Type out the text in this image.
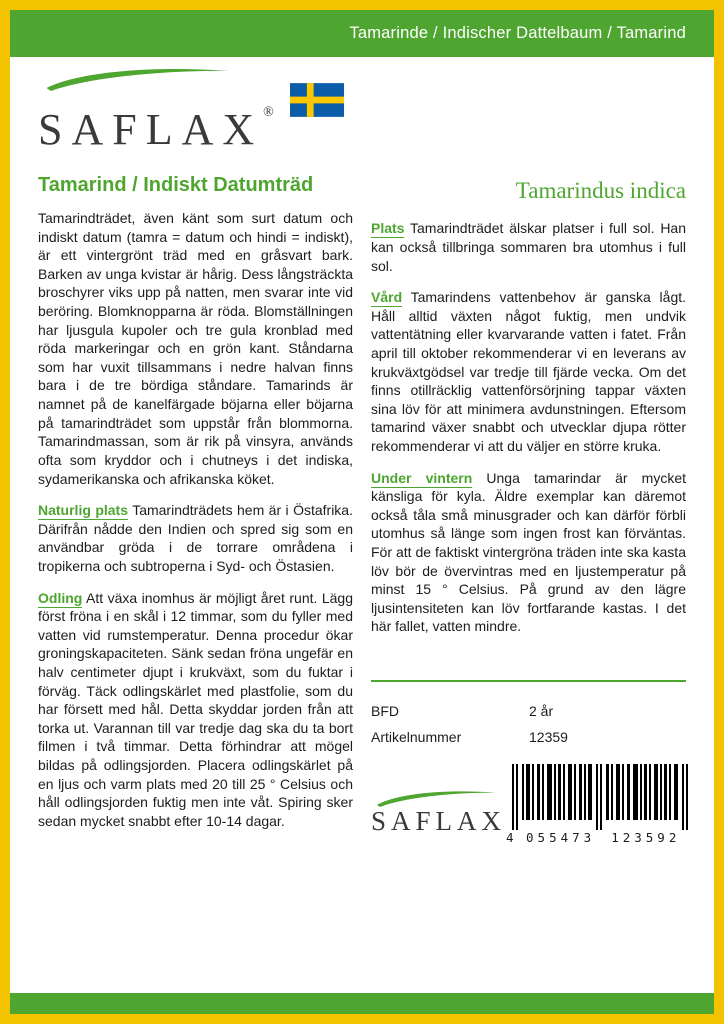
Tamarinde / Indischer Dattelbaum / Tamarind
SAFLAX®
Tamarind / Indiskt Datumträd

Tamarindträdet, även känt som surt datum och indiskt datum (tamra = datum och hindi = indiskt), är ett vintergrönt träd med en gråsvart bark. Barken av unga kvistar är hårig. Dess långsträckta broschyrer viks upp på natten, men svarar inte vid beröring. Blomknopparna är röda. Blomställningen har ljusgula kupoler och tre gula kronblad med röda markeringar och en grön kant. Ståndarna som har vuxit tillsammans i nedre halvan finns bara i de tre bördiga ståndare. Tamarinds är namnet på de kanelfärgade böjarna eller böjarna på tamarindträdet som uppstår från blommorna. Tamarindmassan, som är rik på vinsyra, används ofta som kryddor och i chutneys i det indiska, sydamerikanska och afrikanska köket.

Naturlig plats Tamarindträdets hem är i Östafrika. Därifrån nådde den Indien och spred sig som en användbar gröda i de torrare områdena i tropikerna och subtroperna i Syd- och Östasien.

Odling Att växa inomhus är möjligt året runt. Lägg först fröna i en skål i 12 timmar, som du fyller med vatten vid rumstemperatur. Denna procedur ökar groningskapaciteten. Sänk sedan fröna ungefär en halv centimeter djupt i krukväxt, som du fuktar i förväg. Täck odlingskärlet med plastfolie, som du har försett med hål. Detta skyddar jorden från att torka ut. Varannan till var tredje dag ska du ta bort filmen i två timmar. Detta förhindrar att mögel bildas på odlingsjorden. Placera odlingskärlet på en ljus och varm plats med 20 till 25 ° Celsius och håll odlingsjorden fuktig men inte våt. Spiring sker sedan mycket snabbt efter 10-14 dagar.

Tamarindus indica

Plats Tamarindträdet älskar platser i full sol. Han kan också tillbringa sommaren bra utomhus i full sol.

Vård Tamarindens vattenbehov är ganska lågt. Håll alltid växten något fuktig, men undvik vattentätning eller kvarvarande vatten i fatet. Från april till oktober rekommenderar vi en leverans av krukväxtgödsel var tredje till fjärde vecka. Om det finns otillräcklig vattenförsörjning tappar växten sina löv för att minimera avdunstningen. Eftersom tamarind växer snabbt och utvecklar djupa rötter rekommenderar vi att du väljer en större kruka.

Under vintern Unga tamarindar är mycket känsliga för kyla. Äldre exemplar kan däremot också tåla små minusgrader och kan därför förbli utomhus så länge som ingen frost kan förväntas. För att de faktiskt vintergröna träden inte ska kasta löv bör de övervintras med en ljustemperatur på minst 15 ° Celsius. På grund av den lägre ljusintensiteten kan löv fortfarande kastas. I det här fallet, vatten mindre.

BFD	2 år
Artikelnummer	12359
SAFLAX
4 055473 123592
